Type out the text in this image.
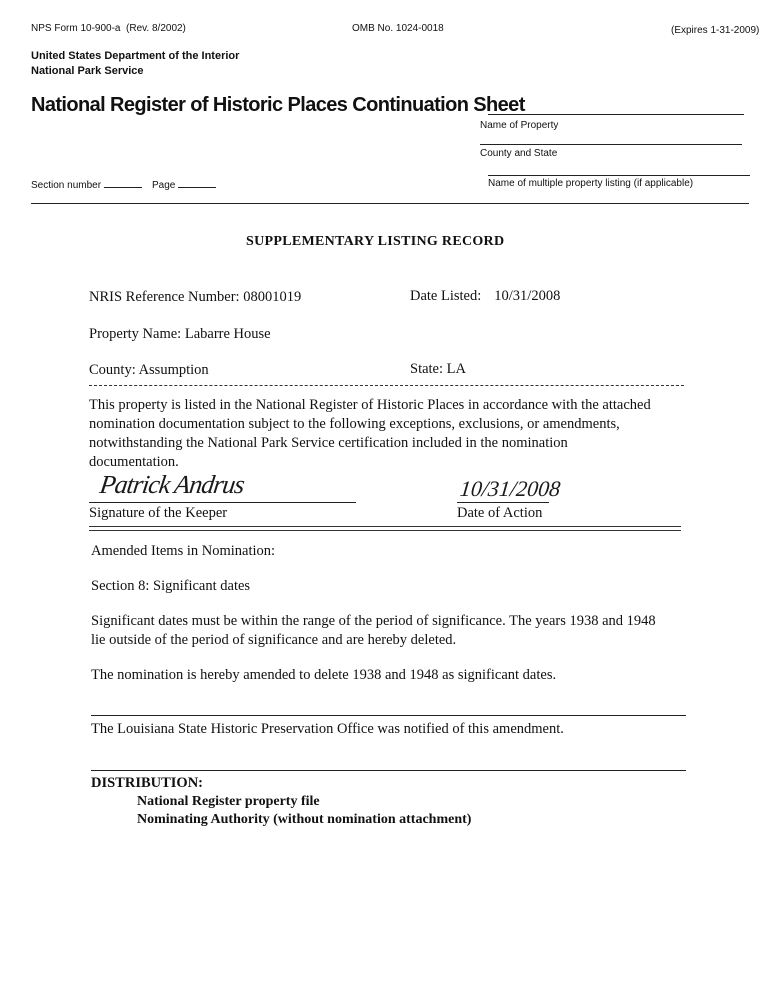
NPS Form 10-900-a (Rev. 8/2002)	OMB No. 1024-0018	(Expires 1-31-2009)
United States Department of the Interior
National Park Service
National Register of Historic Places Continuation Sheet
Name of Property
County and State
Name of multiple property listing (if applicable)
Section number	Page
SUPPLEMENTARY LISTING RECORD
NRIS Reference Number: 08001019	Date Listed: 10/31/2008
Property Name: Labarre House
County: Assumption	State: LA
This property is listed in the National Register of Historic Places in accordance with the attached
nomination documentation subject to the following exceptions, exclusions, or amendments,
notwithstanding the National Park Service certification included in the nomination
documentation.
Patrick Andrus
Signature of the Keeper
10/31/2008
Date of Action
Amended Items in Nomination:
Section 8: Significant dates
Significant dates must be within the range of the period of significance. The years 1938 and 1948
lie outside of the period of significance and are hereby deleted.
The nomination is hereby amended to delete 1938 and 1948 as significant dates.
The Louisiana State Historic Preservation Office was notified of this amendment.
DISTRIBUTION:
National Register property file
Nominating Authority (without nomination attachment)
